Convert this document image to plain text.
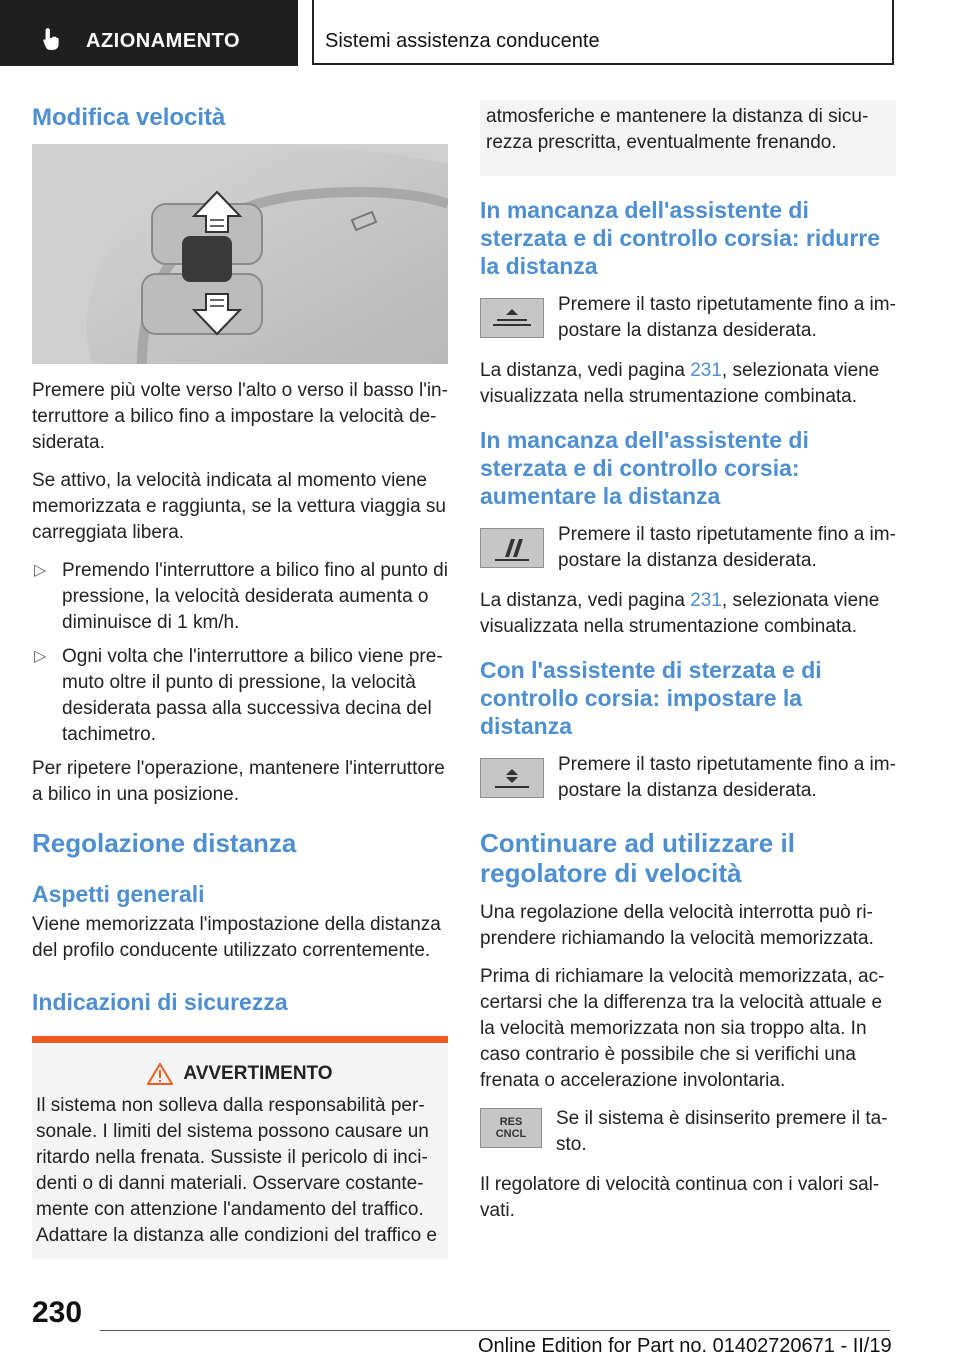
AZIONAMENTO	Sistemi assistenza conducente
Modifica velocità

Premere più volte verso l'alto o verso il basso l'in-terruttore a bilico fino a impostare la velocità de-siderata.

Se attivo, la velocità indicata al momento viene memorizzata e raggiunta, se la vettura viaggia su carreggiata libera.

▷ Premendo l'interruttore a bilico fino al punto di pressione, la velocità desiderata aumenta o diminuisce di 1 km/h.
▷ Ogni volta che l'interruttore a bilico viene pre-muto oltre il punto di pressione, la velocità desiderata passa alla successiva decina del tachimetro.

Per ripetere l'operazione, mantenere l'interruttore a bilico in una posizione.

Regolazione distanza
Aspetti generali

Viene memorizzata l'impostazione della distanza del profilo conducente utilizzato correntemente.

Indicazioni di sicurezza
AVVERTIMENTO
Il sistema non solleva dalla responsabilità per-sonale. I limiti del sistema possono causare un ritardo nella frenata. Sussiste il pericolo di inci-denti o di danni materiali. Osservare costante-mente con attenzione l'andamento del traffico. Adattare la distanza alle condizioni del traffico e
atmosferiche e mantenere la distanza di sicu-rezza prescritta, eventualmente frenando.
In mancanza dell'assistente di sterzata e di controllo corsia: ridurre la distanza
Premere il tasto ripetutamente fino a im-postare la distanza desiderata.

La distanza, vedi pagina 231, selezionata viene visualizzata nella strumentazione combinata.

In mancanza dell'assistente di sterzata e di controllo corsia: aumentare la distanza
Premere il tasto ripetutamente fino a im-postare la distanza desiderata.

La distanza, vedi pagina 231, selezionata viene visualizzata nella strumentazione combinata.

Con l'assistente di sterzata e di controllo corsia: impostare la distanza
Premere il tasto ripetutamente fino a im-postare la distanza desiderata.
Continuare ad utilizzare il regolatore di velocità

Una regolazione della velocità interrotta può ri-prendere richiamando la velocità memorizzata.

Prima di richiamare la velocità memorizzata, ac-certarsi che la differenza tra la velocità attuale e la velocità memorizzata non sia troppo alta. In caso contrario è possibile che si verifichi una frenata o accelerazione involontaria.

RES
CNCL
Se il sistema è disinserito premere il ta-sto.

Il regolatore di velocità continua con i valori sal-vati.

230
Online Edition for Part no. 01402720671 - II/19
